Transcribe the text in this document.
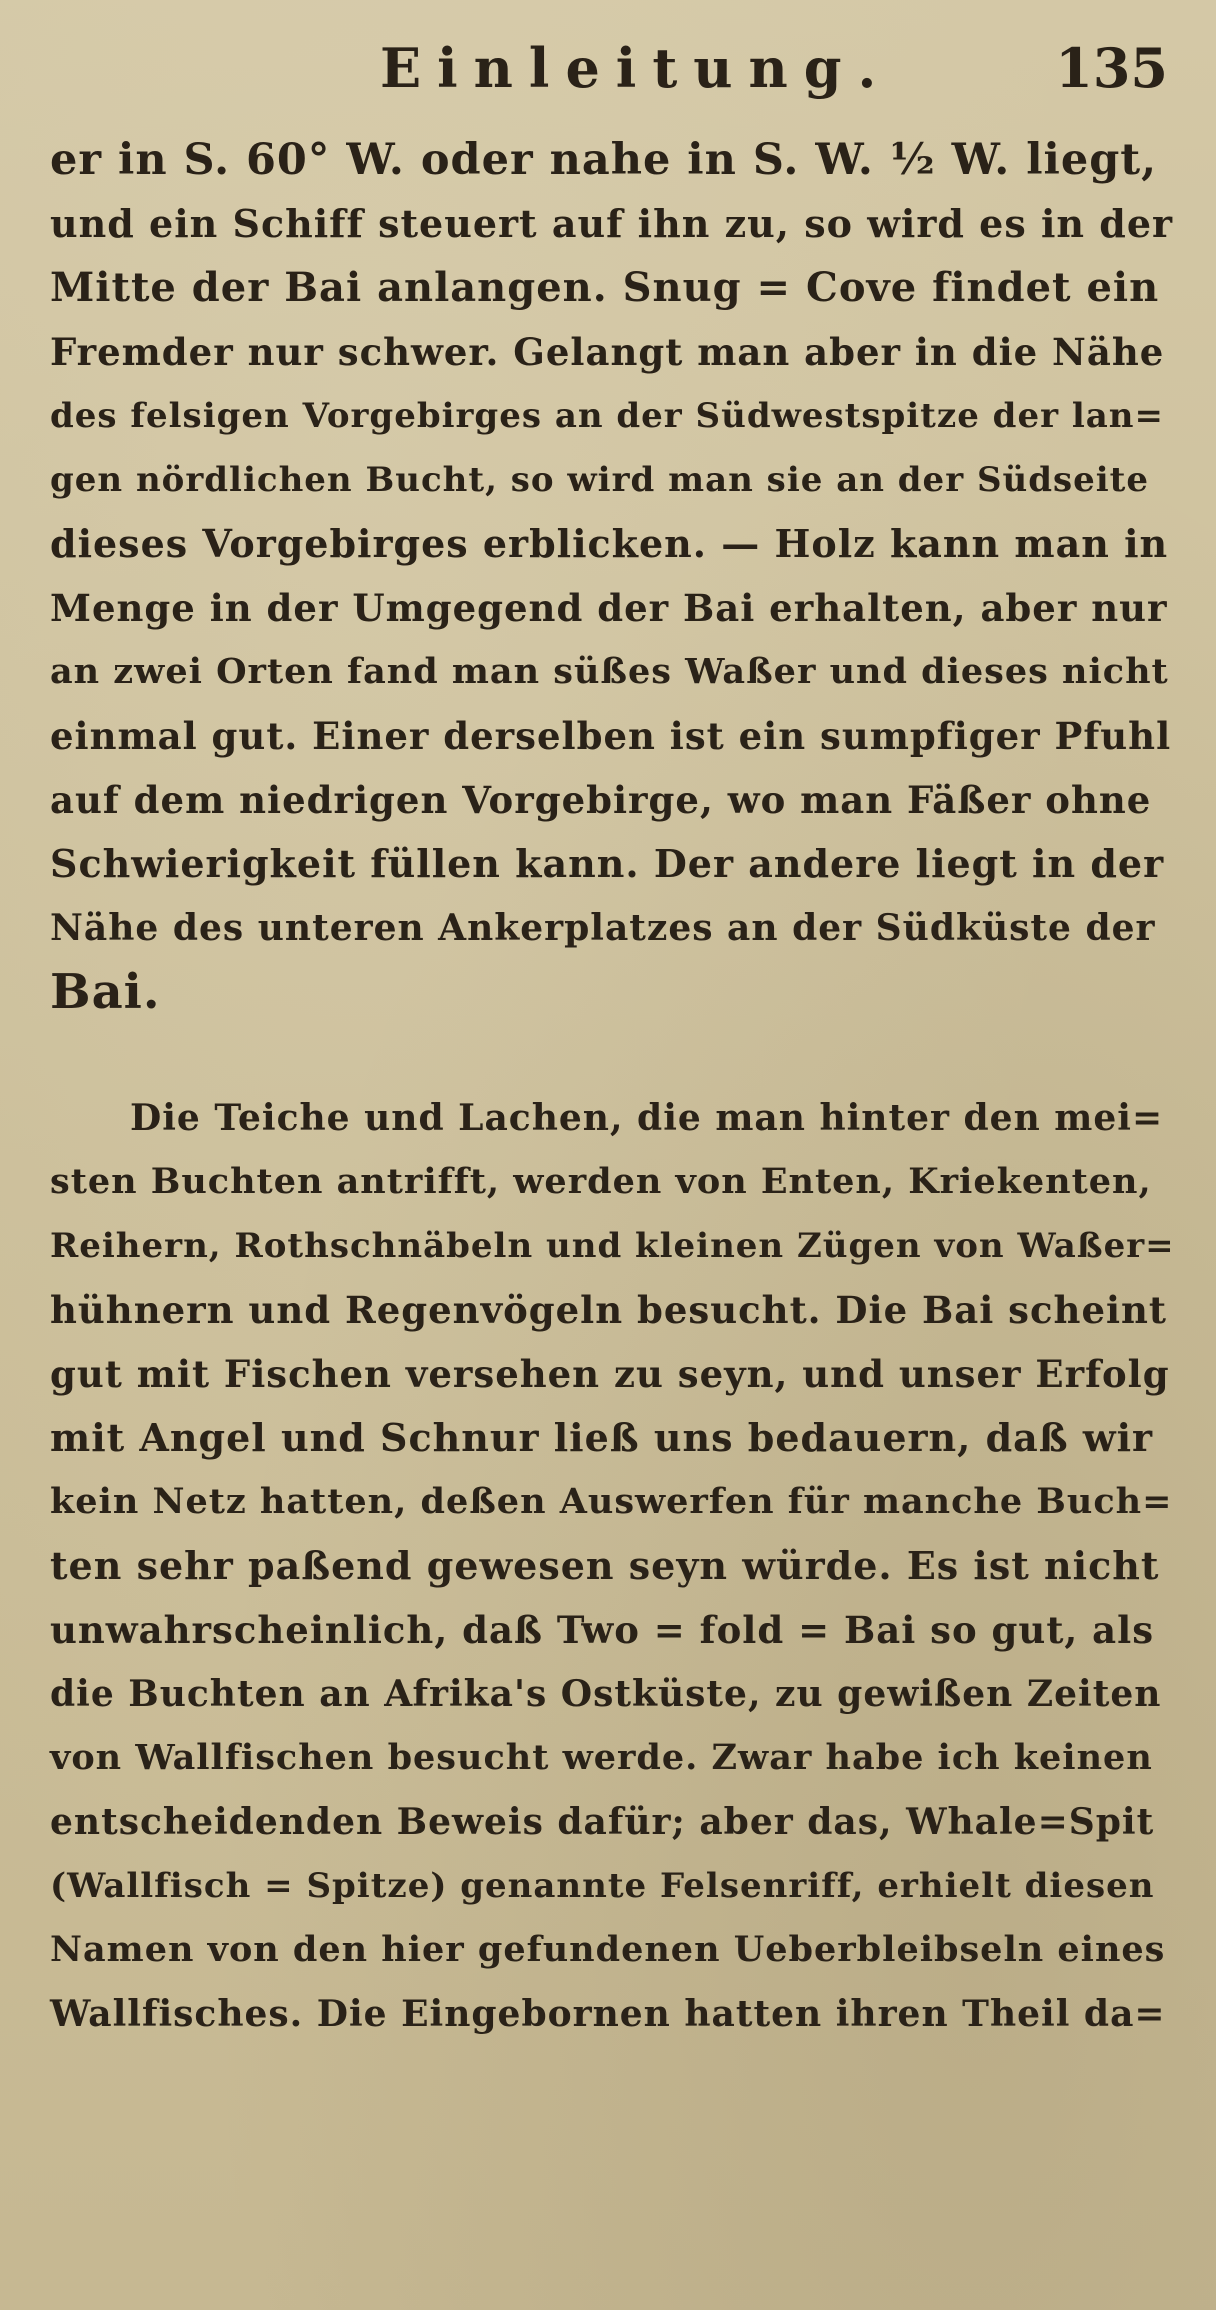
Einleitung.	135
er in S. 60° W. oder nahe in S. W. ½ W. liegt,
und ein Schiff steuert auf ihn zu, so wird es in der
Mitte der Bai anlangen. Snug = Cove findet ein
Fremder nur schwer. Gelangt man aber in die Nähe
des felsigen Vorgebirges an der Südwestspitze der lan=
gen nördlichen Bucht, so wird man sie an der Südseite
dieses Vorgebirges erblicken. — Holz kann man in
Menge in der Umgegend der Bai erhalten, aber nur
an zwei Orten fand man süßes Waßer und dieses nicht
einmal gut. Einer derselben ist ein sumpfiger Pfuhl
auf dem niedrigen Vorgebirge, wo man Fäßer ohne
Schwierigkeit füllen kann. Der andere liegt in der
Nähe des unteren Ankerplatzes an der Südküste der
Bai.
Die Teiche und Lachen, die man hinter den mei=
sten Buchten antrifft, werden von Enten, Kriekenten,
Reihern, Rothschnäbeln und kleinen Zügen von Waßer=
hühnern und Regenvögeln besucht. Die Bai scheint
gut mit Fischen versehen zu seyn, und unser Erfolg
mit Angel und Schnur ließ uns bedauern, daß wir
kein Netz hatten, deßen Auswerfen für manche Buch=
ten sehr paßend gewesen seyn würde. Es ist nicht
unwahrscheinlich, daß Two = fold = Bai so gut, als
die Buchten an Afrika's Ostküste, zu gewißen Zeiten
von Wallfischen besucht werde. Zwar habe ich keinen
entscheidenden Beweis dafür; aber das, Whale=Spit
(Wallfisch = Spitze) genannte Felsenriff, erhielt diesen
Namen von den hier gefundenen Ueberbleibseln eines
Wallfisches. Die Eingebornen hatten ihren Theil da=
